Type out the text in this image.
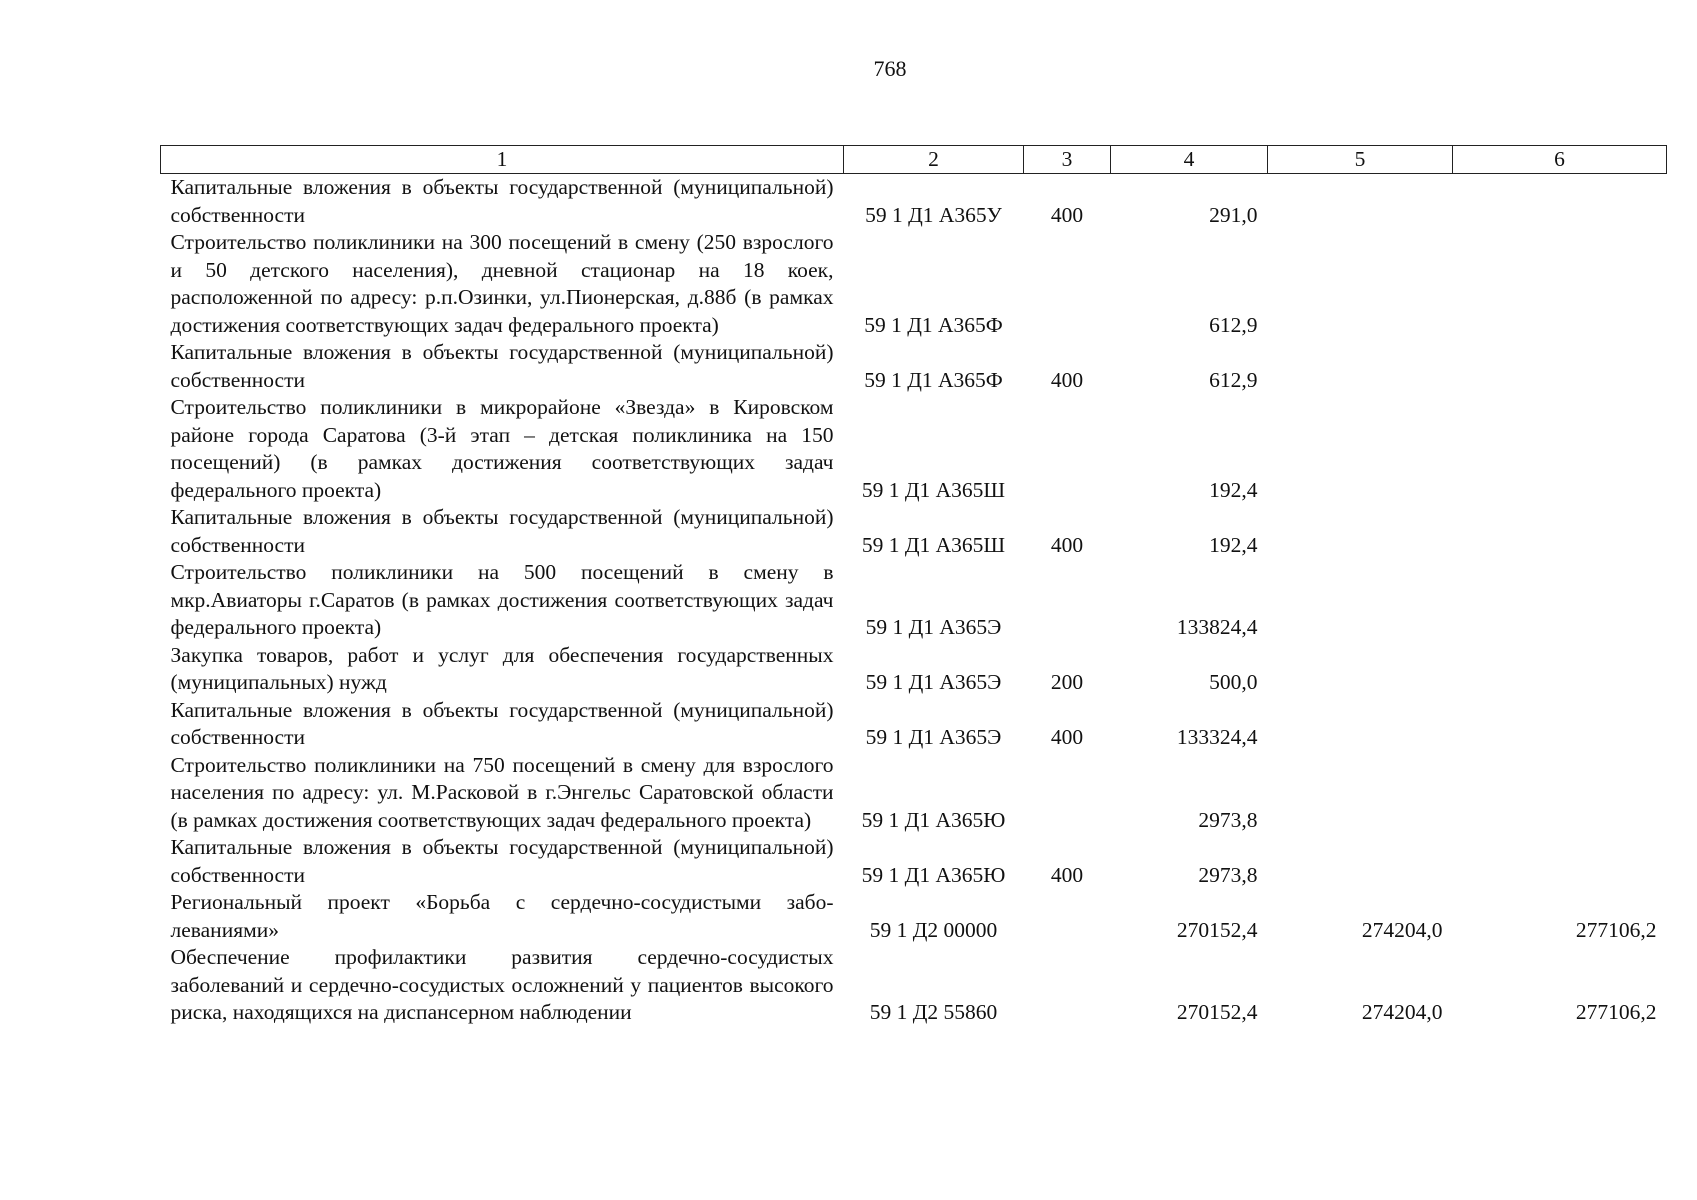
768
1	2	3	4	5	6
Капитальные вложения в объекты государственной (муниципальной) собственности	59 1 Д1 А365У	400	291,0		
Строительство поликлиники на 300 посещений в смену (250 взрослого и 50 детского населения), дневной стационар на 18 коек, расположенной по адресу: р.п.Озинки, ул.Пионерская, д.88б (в рамках достижения соответствующих задач федерального проекта)	59 1 Д1 А365Ф		612,9		
Капитальные вложения в объекты государственной (муниципальной) собственности	59 1 Д1 А365Ф	400	612,9		
Строительство поликлиники в микрорайоне «Звезда» в Кировском районе города Саратова (3-й этап – детская поликлиника на 150 посещений) (в рамках достижения соответствующих задач федерального проекта)	59 1 Д1 А365Ш		192,4		
Капитальные вложения в объекты государственной (муниципальной) собственности	59 1 Д1 А365Ш	400	192,4		
Строительство поликлиники на 500 посещений в смену в мкр.Авиаторы г.Саратов (в рамках достижения соответствующих задач федерального проекта)	59 1 Д1 А365Э		133824,4		
Закупка товаров, работ и услуг для обеспечения государственных (муниципальных) нужд	59 1 Д1 А365Э	200	500,0		
Капитальные вложения в объекты государственной (муниципальной) собственности	59 1 Д1 А365Э	400	133324,4		
Строительство поликлиники на 750 посещений в смену для взрослого населения по адресу: ул. М.Расковой в г.Энгельс Саратовской области (в рамках достижения соответствующих задач федерального проекта)	59 1 Д1 А365Ю		2973,8		
Капитальные вложения в объекты государственной (муниципальной) собственности	59 1 Д1 А365Ю	400	2973,8		
Региональный проект «Борьба с сердечно-сосудистыми заболеваниями»	59 1 Д2 00000		270152,4	274204,0	277106,2
Обеспечение профилактики развития сердечно-сосудистых заболеваний и сердечно-сосудистых осложнений у пациентов высокого риска, находящихся на диспансерном наблюдении	59 1 Д2 55860		270152,4	274204,0	277106,2
